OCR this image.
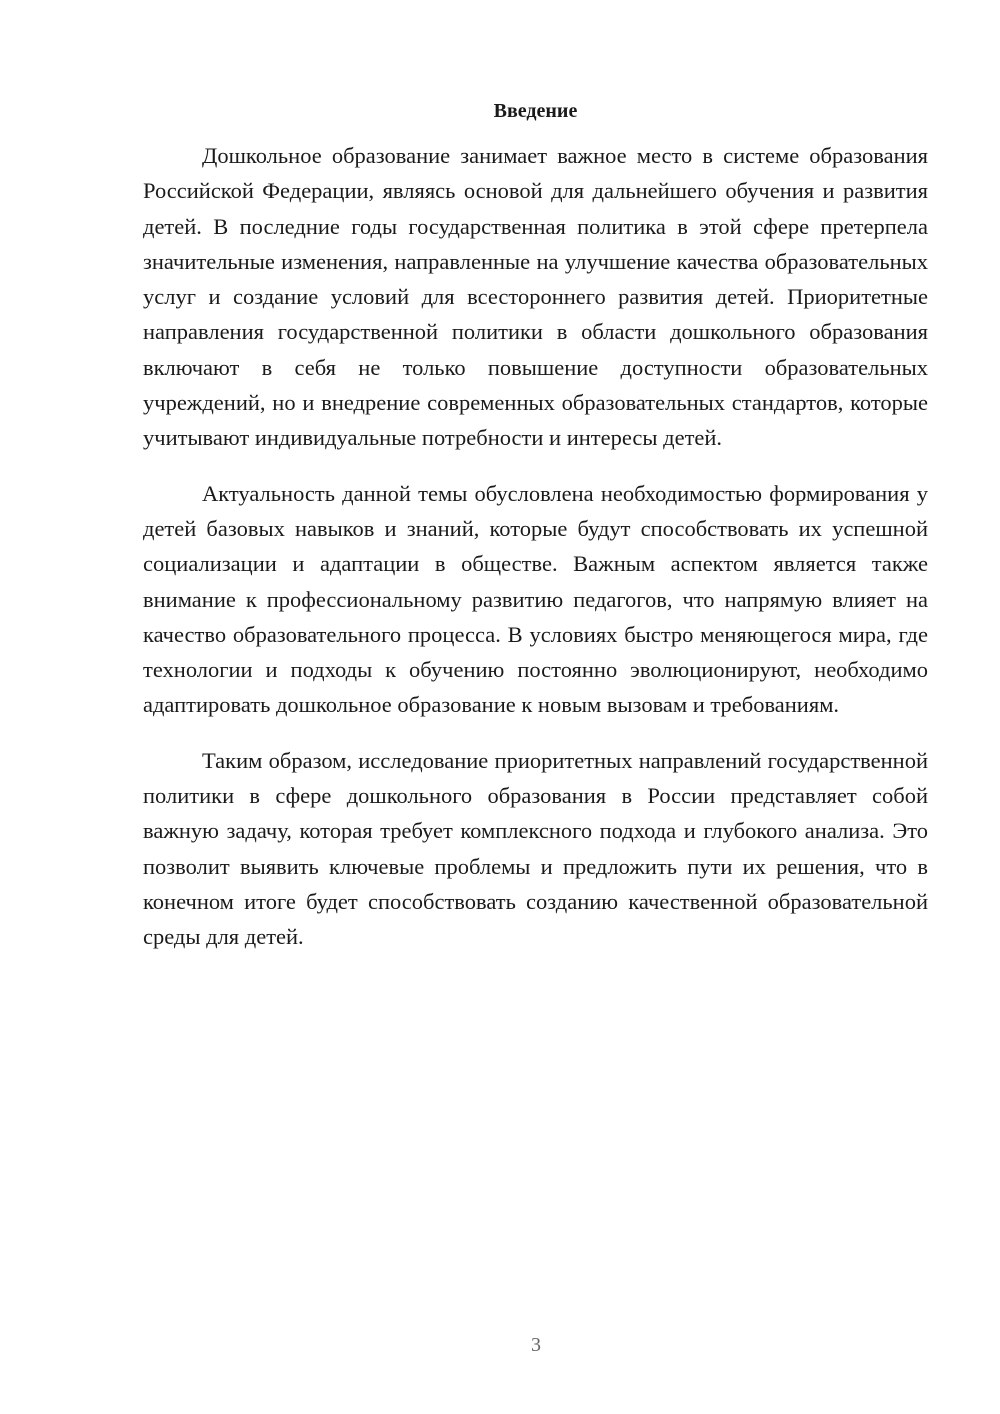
Введение

Дошкольное образование занимает важное место в системе образования Российской Федерации, являясь основой для дальнейшего обучения и развития детей. В последние годы государственная политика в этой сфере претерпела значительные изменения, направленные на улучшение качества образовательных услуг и создание условий для всестороннего развития детей. Приоритетные направления государственной политики в области дошкольного образования включают в себя не только повышение доступности образовательных учреждений, но и внедрение современных образовательных стандартов, которые учитывают индивидуальные потребности и интересы детей.

Актуальность данной темы обусловлена необходимостью формирования у детей базовых навыков и знаний, которые будут способствовать их успешной социализации и адаптации в обществе. Важным аспектом является также внимание к профессиональному развитию педагогов, что напрямую влияет на качество образовательного процесса. В условиях быстро меняющегося мира, где технологии и подходы к обучению постоянно эволюционируют, необходимо адаптировать дошкольное образование к новым вызовам и требованиям.

Таким образом, исследование приоритетных направлений государственной политики в сфере дошкольного образования в России представляет собой важную задачу, которая требует комплексного подхода и глубокого анализа. Это позволит выявить ключевые проблемы и предложить пути их решения, что в конечном итоге будет способствовать созданию качественной образовательной среды для детей.

3
